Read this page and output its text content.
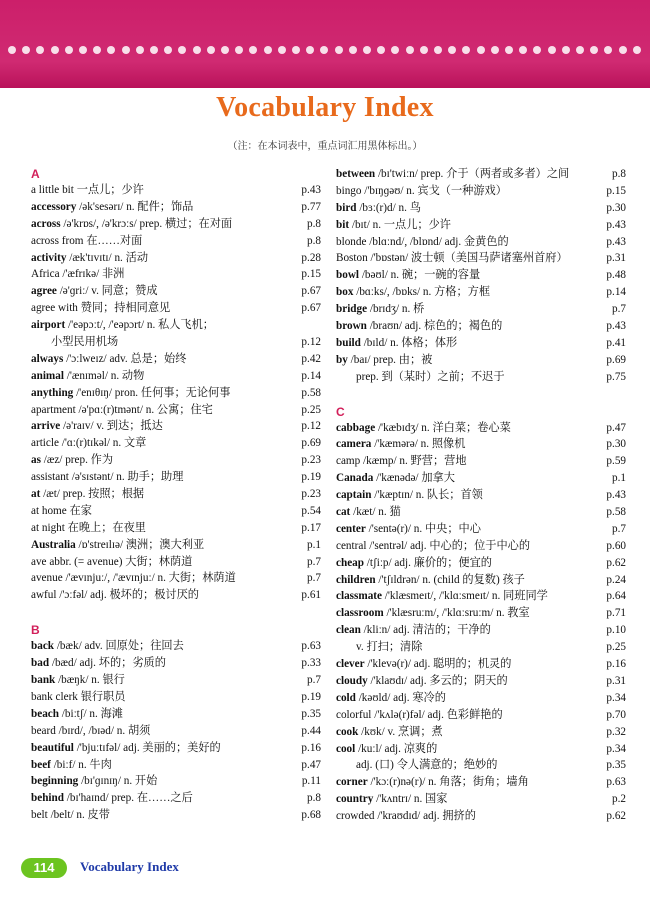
Vocabulary Index
（注：在本词表中，重点词汇用黑体标出。）
A
a little bit 一点儿；少许	p.43
accessory /ək'sesərɪ/ n. 配件；饰品	p.77
across /ə'krɒs/, /ə'krɔːs/ prep. 横过；在对面	p.8
across from 在……对面	p.8
activity /æk'tɪvɪtɪ/ n. 活动	p.28
Africa /'æfrɪkə/ 非洲	p.15
agree /ə'ɡriː/ v. 同意；赞成	p.67
agree with 赞同；持相同意见	p.67
airport /'eəpɔːt/, /'eəpɔrt/ n. 私人飞机；
小型民用机场	p.12
always /'ɔːlweɪz/ adv. 总是；始终	p.42
animal /'ænɪməl/ n. 动物	p.14
anything /'enɪθɪŋ/ pron. 任何事；无论何事	p.58
apartment /ə'pɑː(r)tmənt/ n. 公寓；住宅	p.25
arrive /ə'raɪv/ v. 到达；抵达	p.12
article /'ɑː(r)tɪkəl/ n. 文章	p.69
as /æz/ prep. 作为	p.23
assistant /ə'sɪstənt/ n. 助手；助理	p.19
at /æt/ prep. 按照；根据	p.23
at home 在家	p.54
at night 在晚上；在夜里	p.17
Australia /ɒ'streɪlɪə/ 澳洲；澳大利亚	p.1
ave abbr. (= avenue) 大街；林荫道	p.7
avenue /'ævɪnjuː/, /'ævɪnjuː/ n. 大街；林荫道	p.7
awful /'ɔːfəl/ adj. 极坏的；极讨厌的	p.61
B
back /bæk/ adv. 回原处；往回去	p.63
bad /bæd/ adj. 坏的；劣质的	p.33
bank /bæŋk/ n. 银行	p.7
bank clerk 银行职员	p.19
beach /biːtʃ/ n. 海滩	p.35
beard /bɪrd/, /bɪəd/ n. 胡须	p.44
beautiful /'bjuːtɪfəl/ adj. 美丽的；美好的	p.16
beef /biːf/ n. 牛肉	p.47
beginning /bɪ'ɡɪnɪŋ/ n. 开始	p.11
behind /bɪ'haɪnd/ prep. 在……之后	p.8
belt /belt/ n. 皮带	p.68
between /bɪ'twiːn/ prep. 介于（两者或多者）之间	p.8
bingo /'bɪŋɡəʊ/ n. 宾戈（一种游戏）	p.15
bird /bɜː(r)d/ n. 鸟	p.30
bit /bɪt/ n. 一点儿；少许	p.43
blonde /blɑːnd/, /blɒnd/ adj. 金黄色的	p.43
Boston /'bɒstən/ 波士顿（美国马萨诸塞州首府）	p.31
bowl /bəʊl/ n. 碗；一碗的容量	p.48
box /bɑːks/, /bɒks/ n. 方格；方框	p.14
bridge /brɪdʒ/ n. 桥	p.7
brown /braʊn/ adj. 棕色的；褐色的	p.43
build /bɪld/ n. 体格；体形	p.41
by /baɪ/ prep. 由；被	p.69
prep. 到（某时）之前；不迟于	p.75
C
cabbage /'kæbɪdʒ/ n. 洋白菜；卷心菜	p.47
camera /'kæmərə/ n. 照像机	p.30
camp /kæmp/ n. 野营；营地	p.59
Canada /'kænədə/ 加拿大	p.1
captain /'kæptɪn/ n. 队长；首领	p.43
cat /kæt/ n. 猫	p.58
center /'sentə(r)/ n. 中央；中心	p.7
central /'sentrəl/ adj. 中心的；位于中心的	p.60
cheap /tʃiːp/ adj. 廉价的；便宜的	p.62
children /'tʃɪldrən/ n. (child 的复数) 孩子	p.24
classmate /'klæsmeɪt/, /'klɑːsmeɪt/ n. 同班同学	p.64
classroom /'klæsruːm/, /'klɑːsruːm/ n. 教室	p.71
clean /kliːn/ adj. 清洁的；干净的	p.10
v. 打扫；清除	p.25
clever /'klevə(r)/ adj. 聪明的；机灵的	p.16
cloudy /'klaʊdɪ/ adj. 多云的；阴天的	p.31
cold /kəʊld/ adj. 寒冷的	p.34
colorful /'kʌlə(r)fəl/ adj. 色彩鲜艳的	p.70
cook /kʊk/ v. 烹调；煮	p.32
cool /kuːl/ adj. 凉爽的	p.34
adj. (口) 令人满意的；绝妙的	p.35
corner /'kɔː(r)nə(r)/ n. 角落；街角；墙角	p.63
country /'kʌntrɪ/ n. 国家	p.2
crowded /'kraʊdɪd/ adj. 拥挤的	p.62
114	Vocabulary Index
